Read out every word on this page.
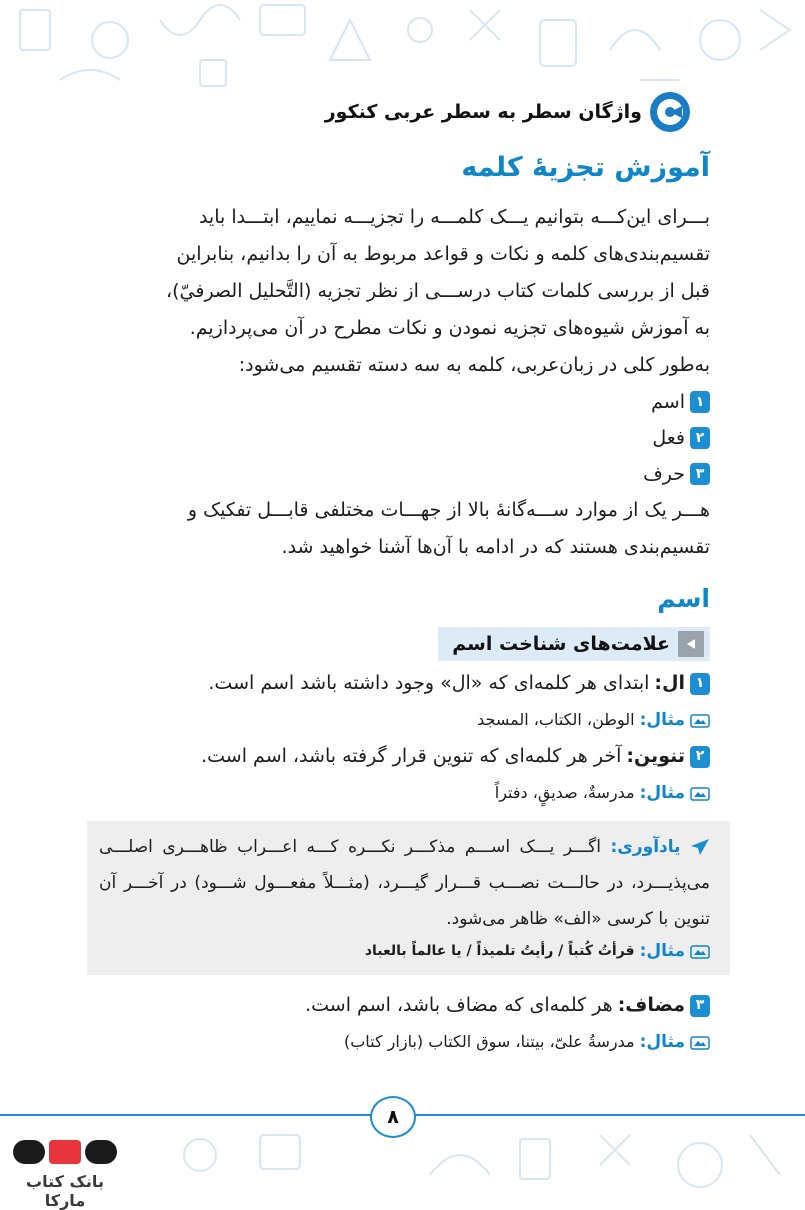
واژگان سطر به سطر عربی کنکور
آموزش تجزیهٔ کلمه

بـــرای این‌کـــه بتوانیم یـــک کلمـــه را تجزیـــه نماییم، ابتـــدا باید

تقسیم‌بندی‌های کلمه و نکات و قواعد مربوط به آن را بدانیم، بنابراین

قبل از بررسی کلمات کتاب درســـی از نظر تجزیه (التَّحلیل الصرفيّ)،

به آموزش شیوه‌های تجزیه نمودن و نکات مطرح در آن می‌پردازیم.

به‌طور کلی در زبان‌عربی، کلمه به سه دسته تقسیم می‌شود:

۱
اسم
۲
فعل
۳
حرف

هـــر یک از موارد ســـه‌گانهٔ بالا از جهـــات مختلفی قابـــل تفکیک و

تقسیم‌بندی هستند که در ادامه با آن‌ها آشنا خواهید شد.

اسم
علامت‌های شناخت اسم
۱
ال:
ابتدای هر کلمه‌ای که «ال» وجود داشته باشد اسم است.
مثال:
الوطن، الکتاب، المسجد
۲
تنوین:
آخر هر کلمه‌ای که تنوین قرار گرفته باشد، اسم است.
مثال:
مدرسةٌ، صدیقٍ، دفتراً
یادآوری: اگـــر یـــک اســـم مذکـــر نکـــره کـــه اعـــراب ظاهـــری اصلـــی می‌پذیـــرد، در حالـــت نصـــب قـــرار گیـــرد، (مثـــلاً مفعـــول شـــود) در آخـــر آن تنوین با کرسی «الف» ظاهر می‌شود.
مثال:
قرأتُ کُتباً / رأیتُ تلمیذاً / یا عالماً بالعباد
۳
مضاف:
هر کلمه‌ای که مضاف باشد، اسم است.
مثال:
مدرسةُ علیّ، بیتنا، سوق الکتاب (بازار کتاب)
۸
بانک کتاب مارکا
